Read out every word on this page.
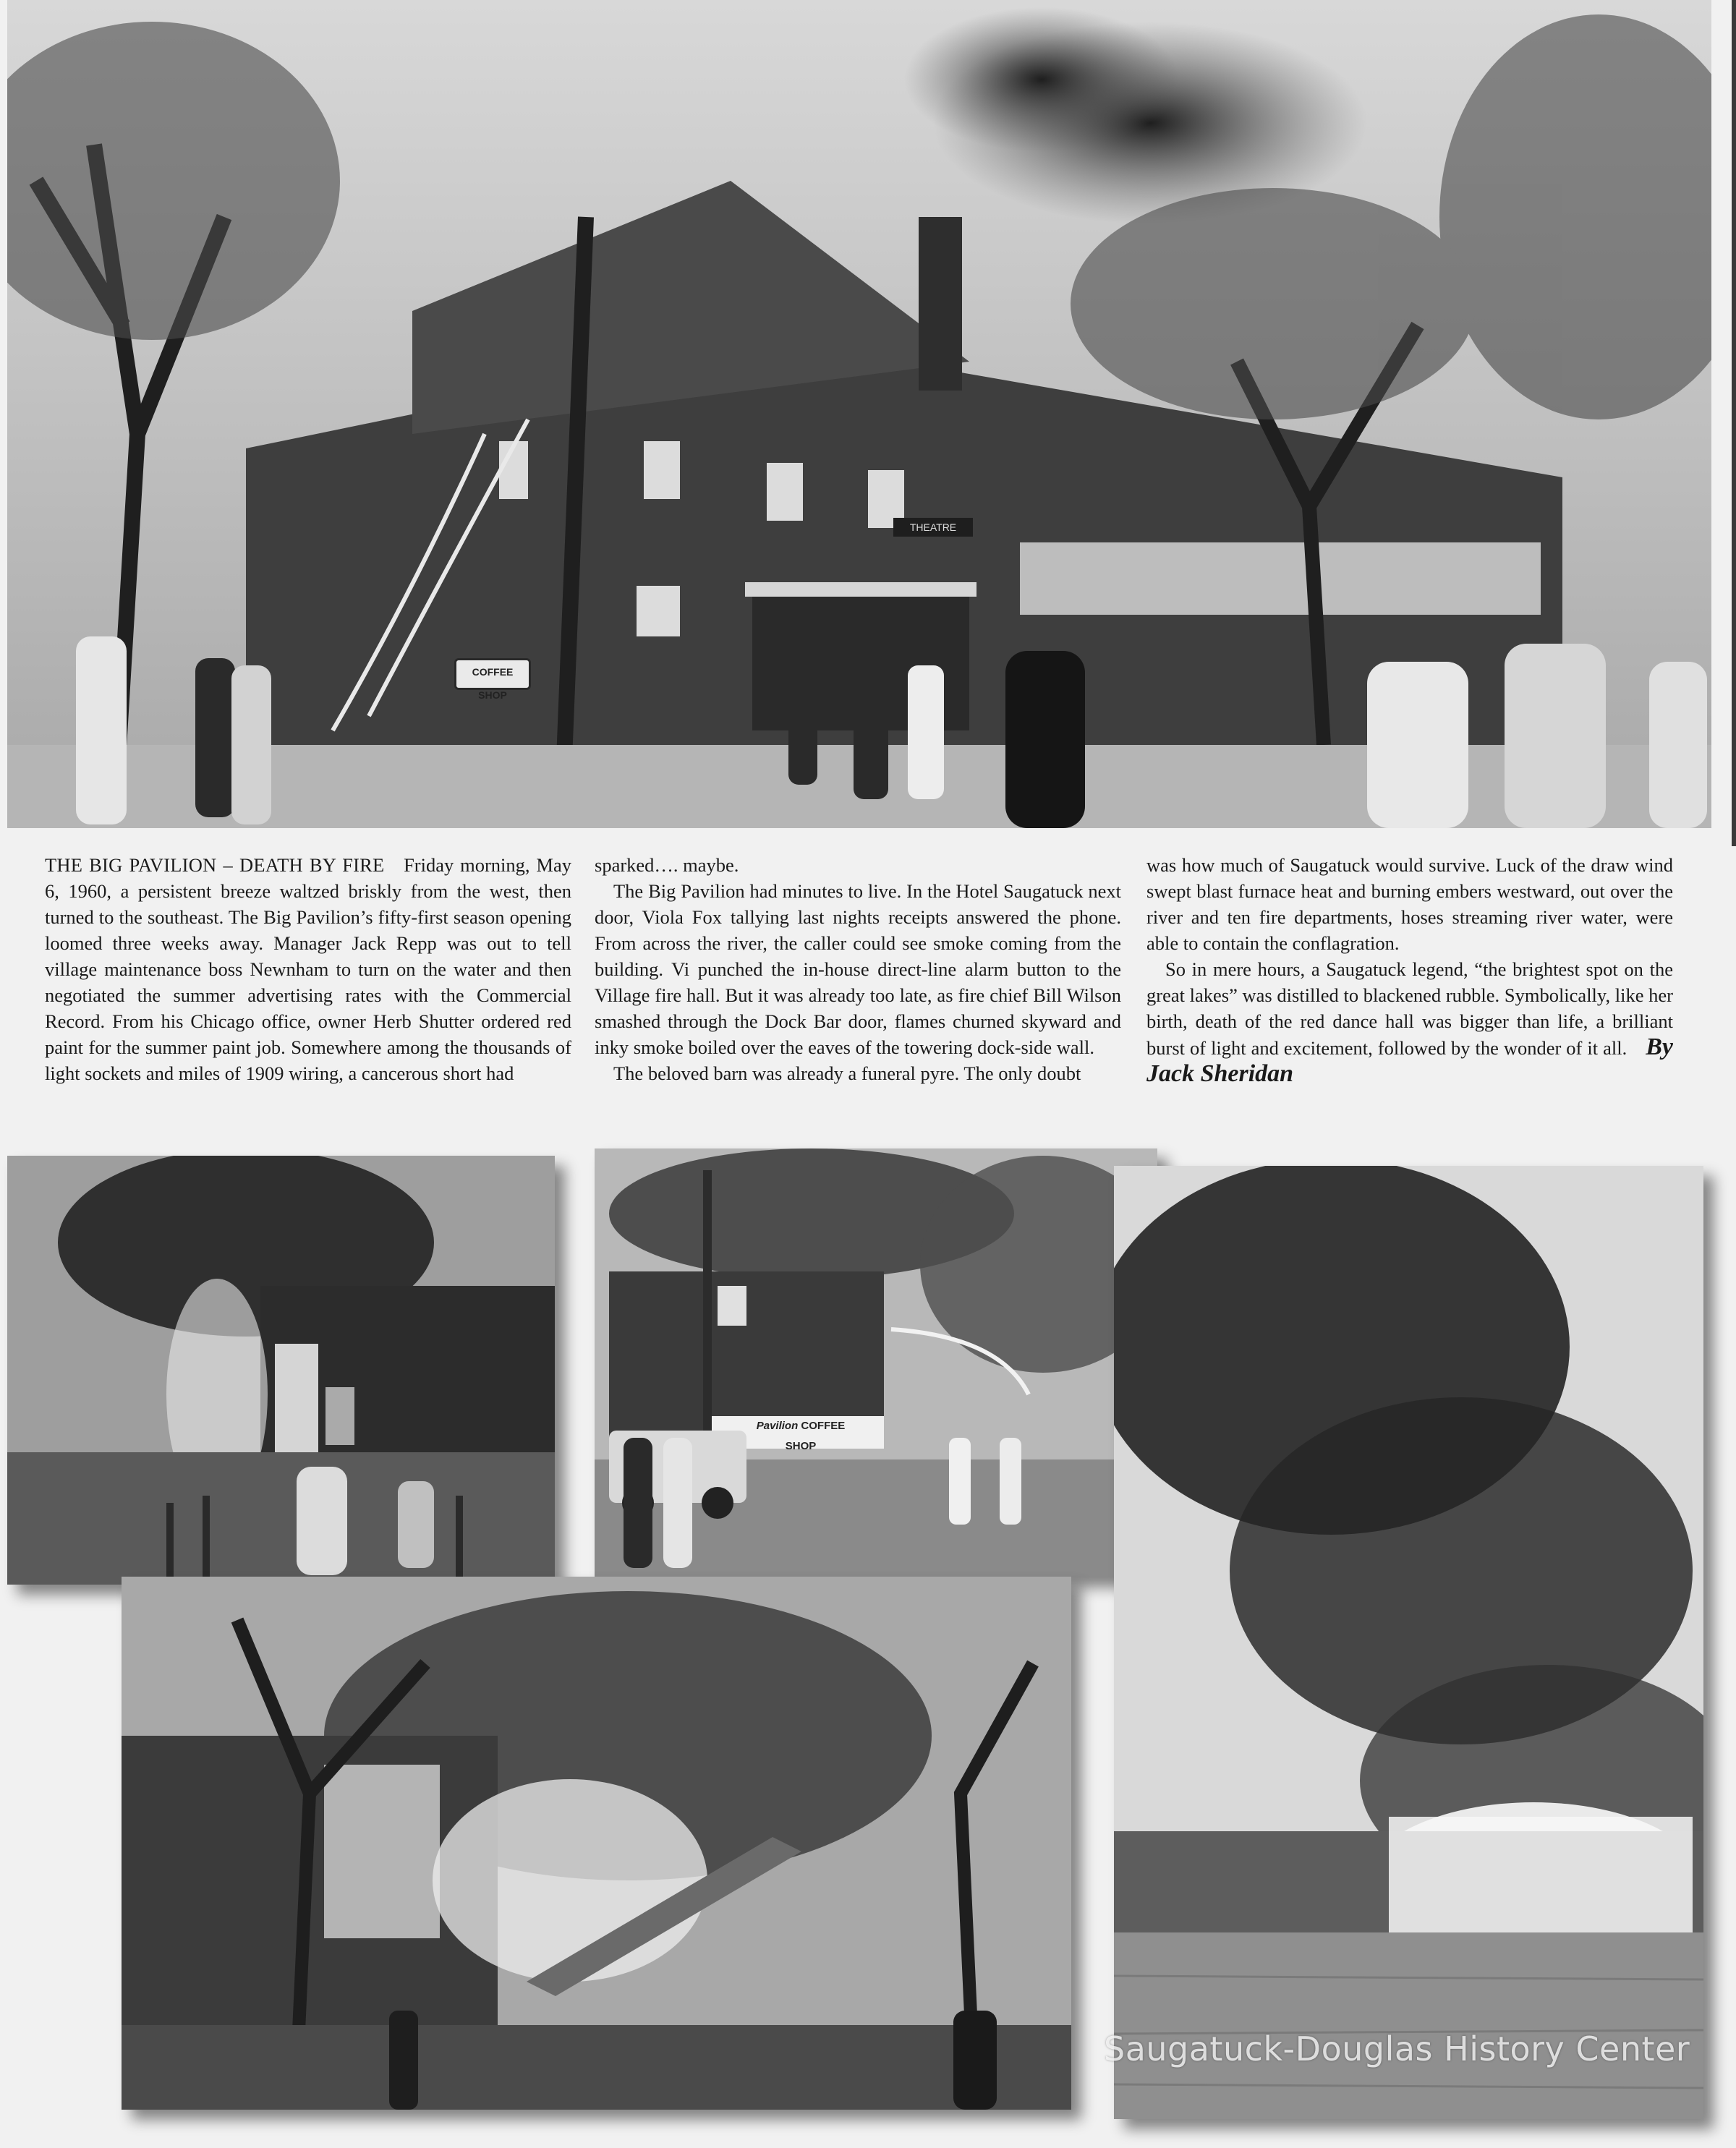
COFFEE SHOP
THEATRE

THE BIG PAVILION – DEATH BY FIRE Friday morning, May 6, 1960, a persistent breeze waltzed briskly from the west, then turned to the southeast. The Big Pavilion’s fifty-first season opening loomed three weeks away. Manager Jack Repp was out to tell village maintenance boss Newnham to turn on the water and then negotiated the summer advertising rates with the Commercial Record. From his Chicago office, owner Herb Shutter ordered red paint for the summer paint job. Somewhere among the thousands of light sockets and miles of 1909 wiring, a cancerous short had

sparked…. maybe.

The Big Pavilion had minutes to live. In the Hotel Saugatuck next door, Viola Fox tallying last nights receipts answered the phone. From across the river, the caller could see smoke coming from the building. Vi punched the in-house direct-line alarm button to the Village fire hall. But it was already too late, as fire chief Bill Wilson smashed through the Dock Bar door, flames churned skyward and inky smoke boiled over the eaves of the towering dock-side wall.

The beloved barn was already a funeral pyre. The only doubt

was how much of Saugatuck would survive. Luck of the draw wind swept blast furnace heat and burning embers westward, out over the river and ten fire departments, hoses streaming river water, were able to contain the conflagration.

So in mere hours, a Saugatuck legend, “the brightest spot on the great lakes” was distilled to blackened rubble. Symbolically, like her birth, death of the red dance hall was bigger than life, a brilliant burst of light and excitement, followed by the wonder of it all. By Jack Sheridan

Pavilion COFFEE SHOP
Saugatuck-Douglas History Center
